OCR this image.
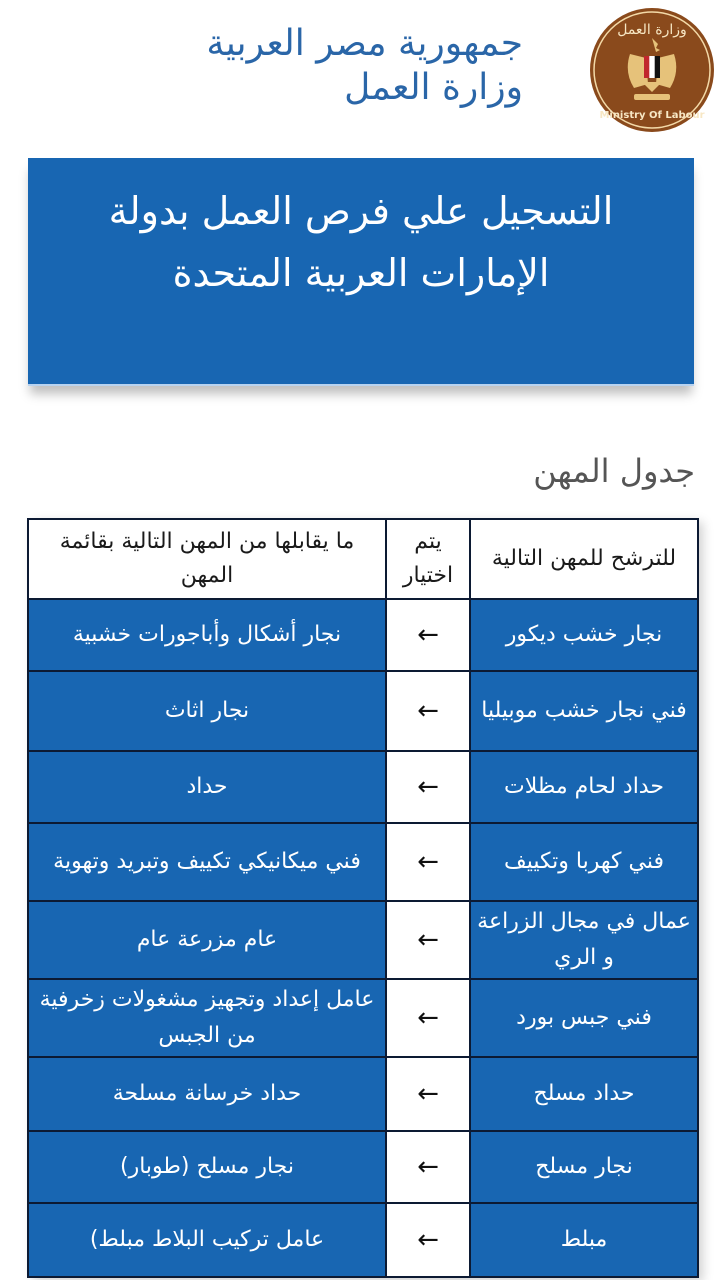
جمهورية مصر العربية
وزارة العمل
وزارة العمل
Ministry Of Labour
التسجيل علي فرص العمل بدولة
الإمارات العربية المتحدة
جدول المهن
للترشح للمهن التالية	يتم اختيار	ما يقابلها من المهن التالية بقائمة المهن
نجار خشب ديكور	←	نجار أشكال وأباجورات خشبية
فني نجار خشب موبيليا	←	نجار اثاث
حداد لحام مظلات	←	حداد
فني كهربا وتكييف	←	فني ميكانيكي تكييف وتبريد وتهوية
عمال في مجال الزراعة و الري	←	عام مزرعة عام
فني جبس بورد	←	عامل إعداد وتجهيز مشغولات زخرفية من الجبس
حداد مسلح	←	حداد خرسانة مسلحة
نجار مسلح	←	نجار مسلح (طوبار)
مبلط	←	عامل تركيب البلاط مبلط)
